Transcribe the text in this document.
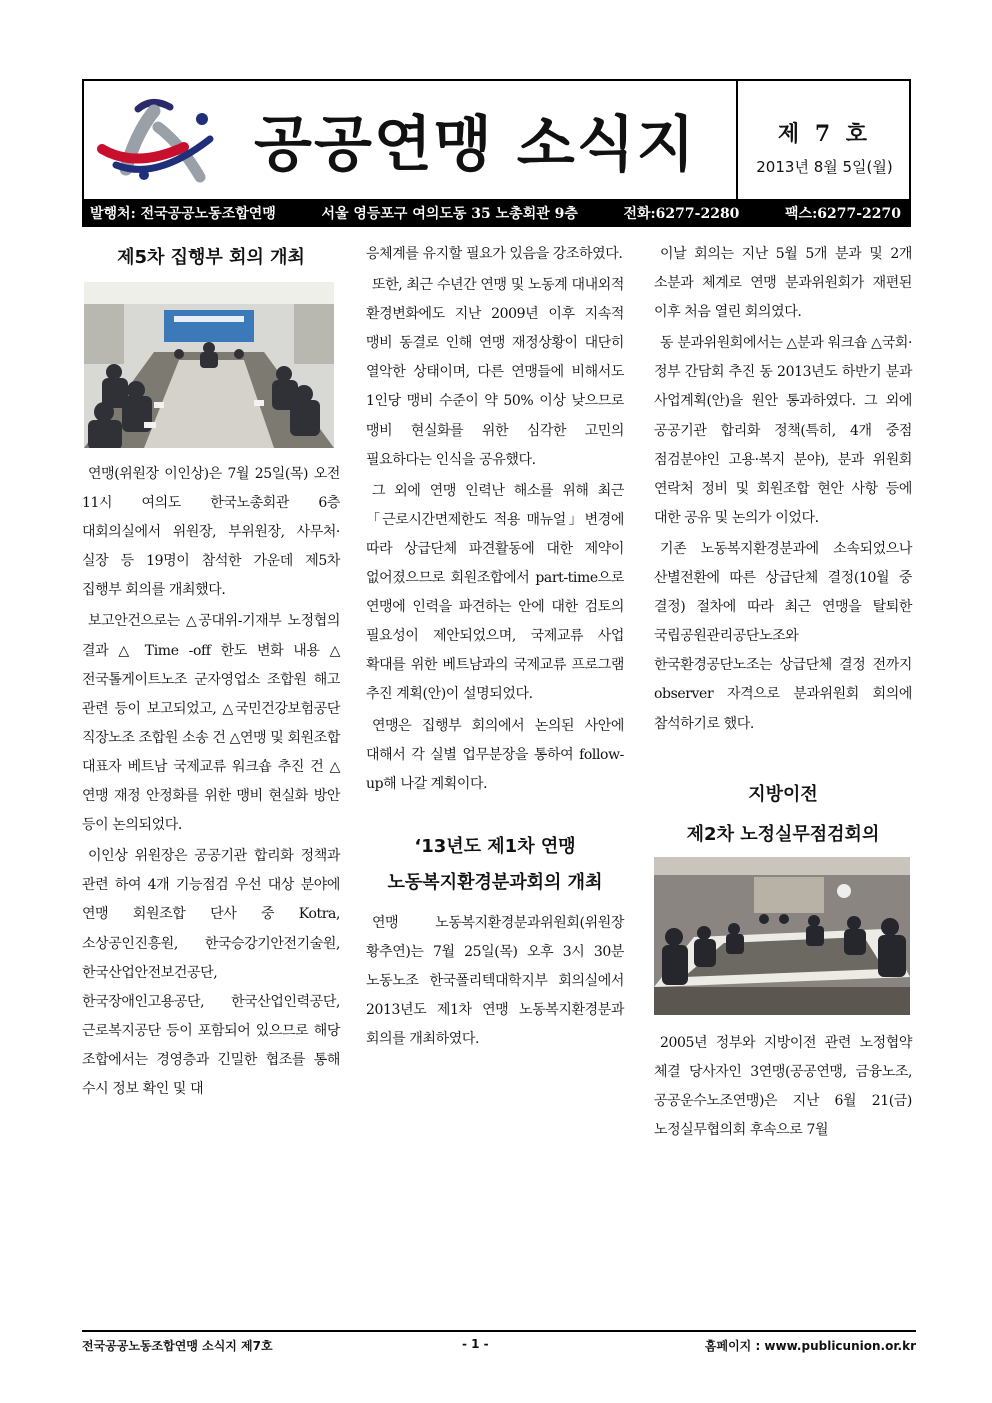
공공연맹 소식지	제 7 호
2013년 8월 5일(월)
발행처: 전국공공노동조합연맹	서울 영등포구 여의도동 35 노총회관 9층	전화:6277-2280	팩스:6277-2270
제5차 집행부 회의 개최

연맹(위원장 이인상)은 7월 25일(목) 오전 11시 여의도 한국노총회관 6층 대회의실에서 위원장, 부위원장, 사무처·실장 등 19명이 참석한 가운데 제5차 집행부 회의를 개최했다.

보고안건으로는 △공대위-기재부 노정협의 결과 △ Time -off 한도 변화 내용 △전국톨게이트노조 군자영업소 조합원 해고 관련 등이 보고되었고, △국민건강보험공단 직장노조 조합원 소송 건 △연맹 및 회원조합 대표자 베트남 국제교류 워크숍 추진 건 △연맹 재정 안정화를 위한 맹비 현실화 방안 등이 논의되었다.

이인상 위원장은 공공기관 합리화 정책과 관련 하여 4개 기능점검 우선 대상 분야에 연맹 회원조합 단사 중 Kotra, 소상공인진흥원, 한국승강기안전기술원, 한국산업안전보건공단, 한국장애인고용공단, 한국산업인력공단, 근로복지공단 등이 포함되어 있으므로 해당 조합에서는 경영층과 긴밀한 협조를 통해 수시 정보 확인 및 대

응체계를 유지할 필요가 있음을 강조하였다.

또한, 최근 수년간 연맹 및 노동계 대내외적 환경변화에도 지난 2009년 이후 지속적 맹비 동결로 인해 연맹 재정상황이 대단히 열악한 상태이며, 다른 연맹들에 비해서도 1인당 맹비 수준이 약 50% 이상 낮으므로 맹비 현실화를 위한 심각한 고민의 필요하다는 인식을 공유했다.

그 외에 연맹 인력난 해소를 위해 최근 「근로시간면제한도 적용 매뉴얼」변경에 따라 상급단체 파견활동에 대한 제약이 없어졌으므로 회원조합에서 part-time으로 연맹에 인력을 파견하는 안에 대한 검토의 필요성이 제안되었으며, 국제교류 사업 확대를 위한 베트남과의 국제교류 프로그램 추진 계획(안)이 설명되었다.

연맹은 집행부 회의에서 논의된 사안에 대해서 각 실별 업무분장을 통하여 follow-up해 나갈 계획이다.

‘13년도 제1차 연맹
노동복지환경분과회의 개최

연맹 노동복지환경분과위원회(위원장 황추연)는 7월 25일(목) 오후 3시 30분 노동노조 한국폴리텍대학지부 회의실에서 2013년도 제1차 연맹 노동복지환경분과 회의를 개최하였다.

이날 회의는 지난 5월 5개 분과 및 2개 소분과 체계로 연맹 분과위원회가 재편된 이후 처음 열린 회의였다.

동 분과위원회에서는 △분과 워크숍 △국회·정부 간담회 추진 동 2013년도 하반기 분과 사업계획(안)을 원안 통과하였다. 그 외에 공공기관 합리화 정책(특히, 4개 중점 점검분야인 고용·복지 분야), 분과 위원회 연락처 정비 및 회원조합 현안 사항 등에 대한 공유 및 논의가 이었다.

기존 노동복지환경분과에 소속되었으나 산별전환에 따른 상급단체 결정(10월 중 결정) 절차에 따라 최근 연맹을 탈퇴한 국립공원관리공단노조와 한국환경공단노조는 상급단체 결정 전까지 observer 자격으로 분과위원회 회의에 참석하기로 했다.

지방이전
제2차 노정실무점검회의

2005년 정부와 지방이전 관련 노정협약 체결 당사자인 3연맹(공공연맹, 금융노조, 공공운수노조연맹)은 지난 6월 21(금) 노정실무협의회 후속으로 7월

전국공공노동조합연맹 소식지 제7호	- 1 -	홈페이지 : www.publicunion.or.kr
